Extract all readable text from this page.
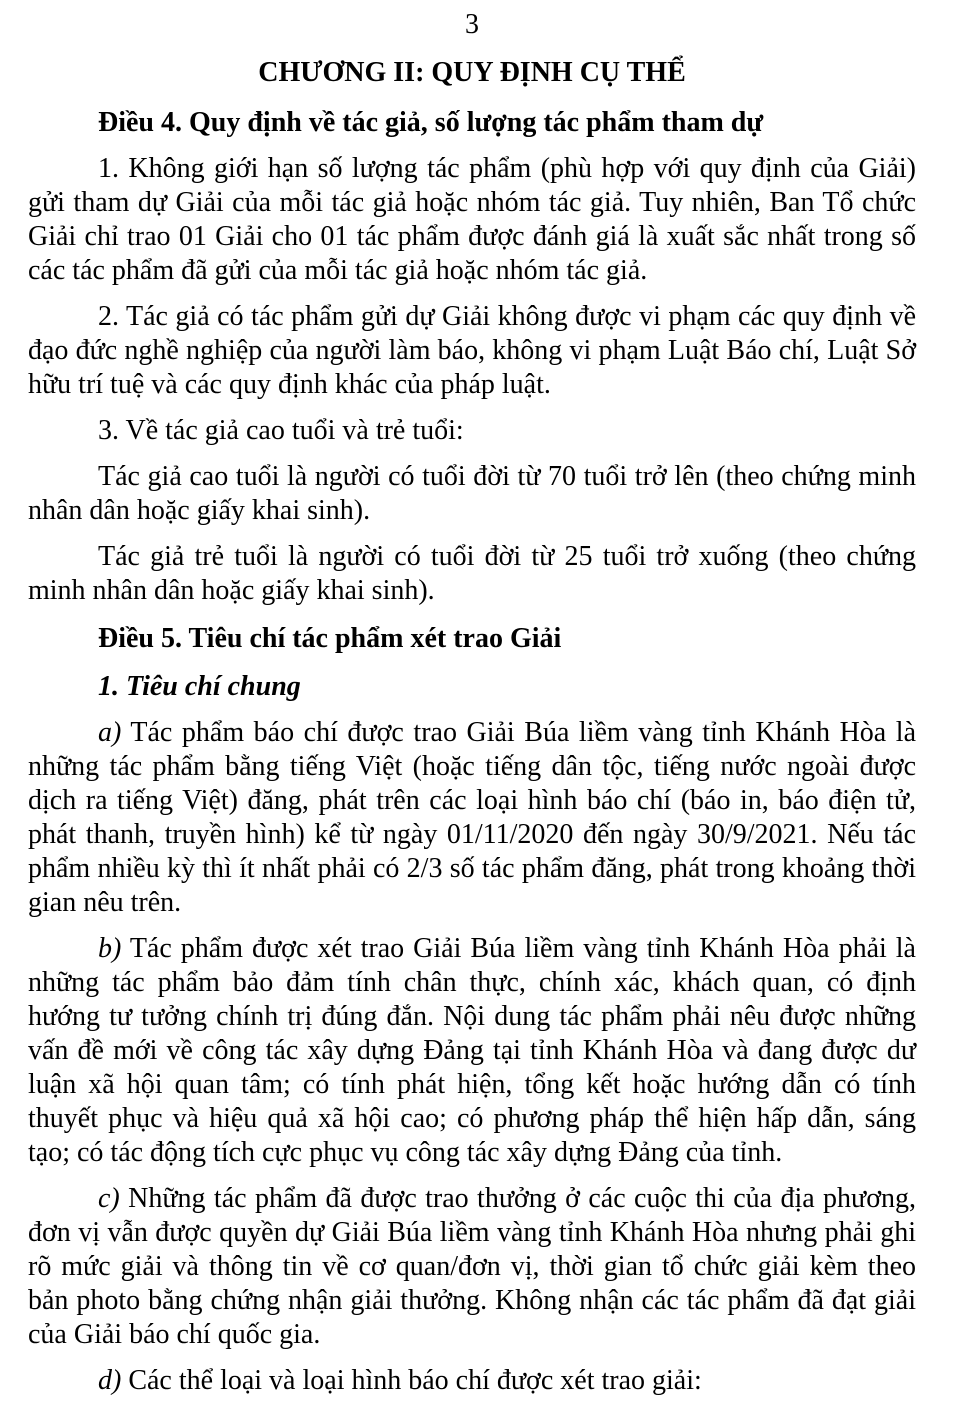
3
CHƯƠNG II: QUY ĐỊNH CỤ THỂ
Điều 4. Quy định về tác giả, số lượng tác phẩm tham dự

1. Không giới hạn số lượng tác phẩm (phù hợp với quy định của Giải) gửi tham dự Giải của mỗi tác giả hoặc nhóm tác giả. Tuy nhiên, Ban Tổ chức Giải chỉ trao 01 Giải cho 01 tác phẩm được đánh giá là xuất sắc nhất trong số các tác phẩm đã gửi của mỗi tác giả hoặc nhóm tác giả.

2. Tác giả có tác phẩm gửi dự Giải không được vi phạm các quy định về đạo đức nghề nghiệp của người làm báo, không vi phạm Luật Báo chí, Luật Sở hữu trí tuệ và các quy định khác của pháp luật.

3. Về tác giả cao tuổi và trẻ tuổi:

Tác giả cao tuổi là người có tuổi đời từ 70 tuổi trở lên (theo chứng minh nhân dân hoặc giấy khai sinh).

Tác giả trẻ tuổi là người có tuổi đời từ 25 tuổi trở xuống (theo chứng minh nhân dân hoặc giấy khai sinh).

Điều 5. Tiêu chí tác phẩm xét trao Giải
1. Tiêu chí chung

a) Tác phẩm báo chí được trao Giải Búa liềm vàng tỉnh Khánh Hòa là những tác phẩm bằng tiếng Việt (hoặc tiếng dân tộc, tiếng nước ngoài được dịch ra tiếng Việt) đăng, phát trên các loại hình báo chí (báo in, báo điện tử, phát thanh, truyền hình) kể từ ngày 01/11/2020 đến ngày 30/9/2021. Nếu tác phẩm nhiều kỳ thì ít nhất phải có 2/3 số tác phẩm đăng, phát trong khoảng thời gian nêu trên.

b) Tác phẩm được xét trao Giải Búa liềm vàng tỉnh Khánh Hòa phải là những tác phẩm bảo đảm tính chân thực, chính xác, khách quan, có định hướng tư tưởng chính trị đúng đắn. Nội dung tác phẩm phải nêu được những vấn đề mới về công tác xây dựng Đảng tại tỉnh Khánh Hòa và đang được dư luận xã hội quan tâm; có tính phát hiện, tổng kết hoặc hướng dẫn có tính thuyết phục và hiệu quả xã hội cao; có phương pháp thể hiện hấp dẫn, sáng tạo; có tác động tích cực phục vụ công tác xây dựng Đảng của tỉnh.

c) Những tác phẩm đã được trao thưởng ở các cuộc thi của địa phương, đơn vị vẫn được quyền dự Giải Búa liềm vàng tỉnh Khánh Hòa nhưng phải ghi rõ mức giải và thông tin về cơ quan/đơn vị, thời gian tổ chức giải kèm theo bản photo bằng chứng nhận giải thưởng. Không nhận các tác phẩm đã đạt giải của Giải báo chí quốc gia.

d) Các thể loại và loại hình báo chí được xét trao giải:
